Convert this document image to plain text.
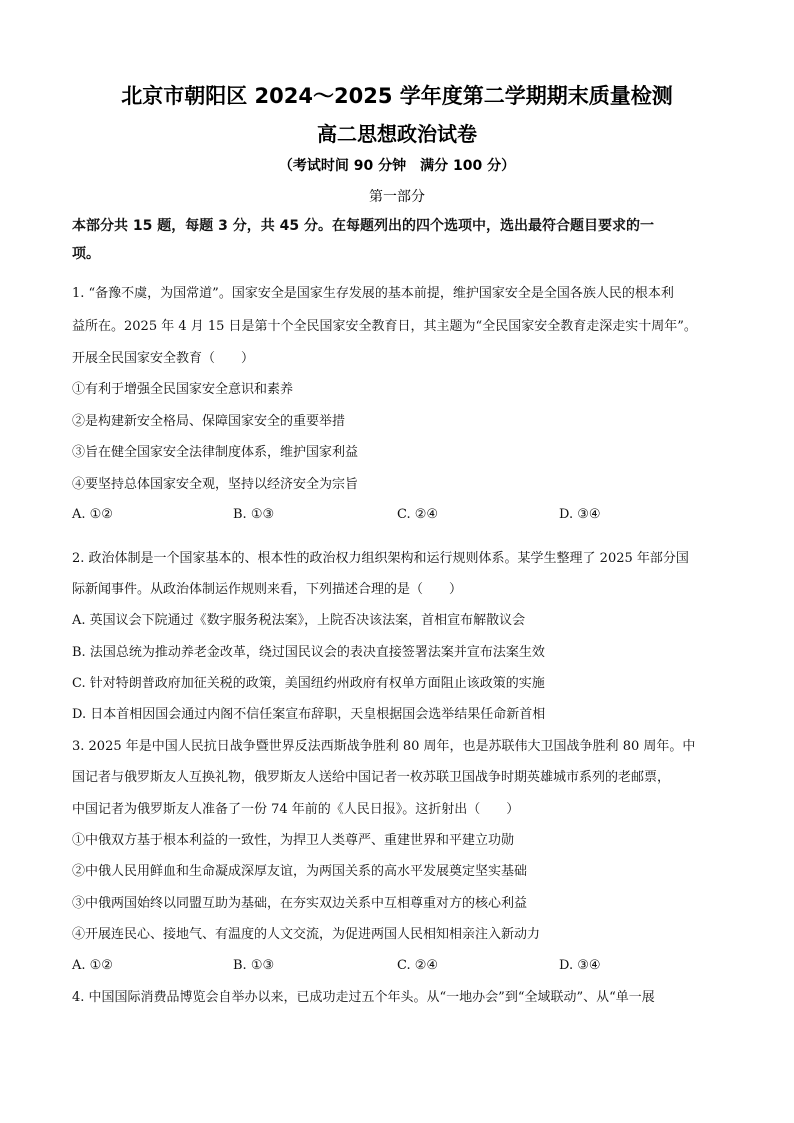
北京市朝阳区 2024～2025 学年度第二学期期末质量检测
高二思想政治试卷
（考试时间 90 分钟　满分 100 分）
第一部分
本部分共 15 题，每题 3 分，共 45 分。在每题列出的四个选项中，选出最符合题目要求的一
项。
1. “备豫不虞，为国常道”。国家安全是国家生存发展的基本前提，维护国家安全是全国各族人民的根本利
益所在。2025 年 4 月 15 日是第十个全民国家安全教育日，其主题为“全民国家安全教育走深走实十周年”。
开展全民国家安全教育（　　）
①有利于增强全民国家安全意识和素养
②是构建新安全格局、保障国家安全的重要举措
③旨在健全国家安全法律制度体系，维护国家利益
④要坚持总体国家安全观，坚持以经济安全为宗旨
A. ①②	B. ①③	C. ②④	D. ③④
2. 政治体制是一个国家基本的、根本性的政治权力组织架构和运行规则体系。某学生整理了 2025 年部分国
际新闻事件。从政治体制运作规则来看，下列描述合理的是（　　）
A. 英国议会下院通过《数字服务税法案》，上院否决该法案，首相宣布解散议会
B. 法国总统为推动养老金改革，绕过国民议会的表决直接签署法案并宣布法案生效
C. 针对特朗普政府加征关税的政策，美国纽约州政府有权单方面阻止该政策的实施
D. 日本首相因国会通过内阁不信任案宣布辞职，天皇根据国会选举结果任命新首相
3. 2025 年是中国人民抗日战争暨世界反法西斯战争胜利 80 周年，也是苏联伟大卫国战争胜利 80 周年。中
国记者与俄罗斯友人互换礼物，俄罗斯友人送给中国记者一枚苏联卫国战争时期英雄城市系列的老邮票，
中国记者为俄罗斯友人准备了一份 74 年前的《人民日报》。这折射出（　　）
①中俄双方基于根本利益的一致性，为捍卫人类尊严、重建世界和平建立功勋
②中俄人民用鲜血和生命凝成深厚友谊，为两国关系的高水平发展奠定坚实基础
③中俄两国始终以同盟互助为基础，在夯实双边关系中互相尊重对方的核心利益
④开展连民心、接地气、有温度的人文交流，为促进两国人民相知相亲注入新动力
A. ①②	B. ①③	C. ②④	D. ③④
4. 中国国际消费品博览会自举办以来，已成功走过五个年头。从“一地办会”到“全域联动”、从“单一展
